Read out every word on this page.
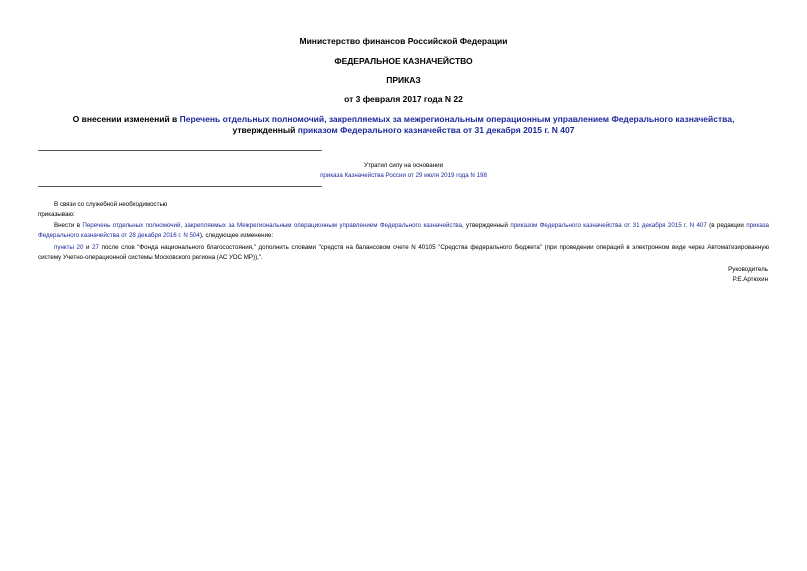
Министерство финансов Российской Федерации
ФЕДЕРАЛЬНОЕ КАЗНАЧЕЙСТВО
ПРИКАЗ
от 3 февраля 2017 года N 22
О внесении изменений в Перечень отдельных полномочий, закрепляемых за межрегиональным операционным управлением Федерального казначейства,
утвержденный приказом Федерального казначейства от 31 декабря 2015 г. N 407
Утратил силу на основании
приказа Казначейства России от 29 июля 2019 года N 198
В связи со служебной необходимостью
приказываю:
Внести в Перечень отдельных полномочий, закрепляемых за Межрегиональным операционным управлением Федерального казначейства, утвержденный приказом Федерального казначейства от 31 декабря 2015 г. N 407 (в редакции приказа Федерального казначейства от 28 декабря 2016 г. N 504), следующее изменение:
пункты 20 и 27 после слов "Фонда национального благосостояния," дополнить словами "средств на балансовом счете N 40105 "Средства федерального бюджета" (при проведении операций в электронном виде через Автоматизированную систему Учетно-операционной системы Московского региона (АС УОС МР)),".
Руководитель
Р.Е.Артюхин
